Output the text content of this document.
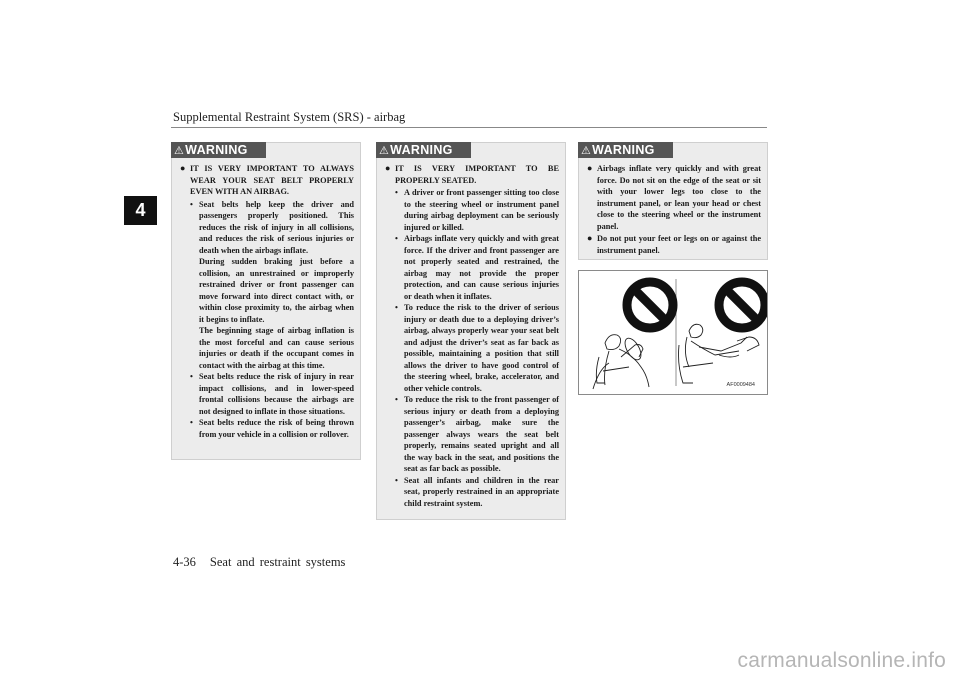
Supplemental Restraint System (SRS) - airbag
4
⚠WARNING
● IT IS VERY IMPORTANT TO ALWAYS WEAR YOUR SEAT BELT PROPERLY EVEN WITH AN AIRBAG.
• Seat belts help keep the driver and passengers properly positioned. This reduces the risk of injury in all collisions, and reduces the risk of serious injuries or death when the airbags inflate.
During sudden braking just before a collision, an unrestrained or improperly restrained driver or front passenger can move forward into direct contact with, or within close proximity to, the airbag when it begins to inflate.
The beginning stage of airbag inflation is the most forceful and can cause serious injuries or death if the occupant comes in contact with the airbag at this time.
• Seat belts reduce the risk of injury in rear impact collisions, and in lower-speed frontal collisions because the airbags are not designed to inflate in those situations.
• Seat belts reduce the risk of being thrown from your vehicle in a collision or rollover.
⚠WARNING
● IT IS VERY IMPORTANT TO BE PROPERLY SEATED.
• A driver or front passenger sitting too close to the steering wheel or instrument panel during airbag deployment can be seriously injured or killed.
• Airbags inflate very quickly and with great force. If the driver and front passenger are not properly seated and restrained, the airbag may not provide the proper protection, and can cause serious injuries or death when it inflates.
• To reduce the risk to the driver of serious injury or death due to a deploying driver’s airbag, always properly wear your seat belt and adjust the driver’s seat as far back as possible, maintaining a position that still allows the driver to have good control of the steering wheel, brake, accelerator, and other vehicle controls.
• To reduce the risk to the front passenger of serious injury or death from a deploying passenger’s airbag, make sure the passenger always wears the seat belt properly, remains seated upright and all the way back in the seat, and positions the seat as far back as possible.
• Seat all infants and children in the rear seat, properly restrained in an appropriate child restraint system.
⚠WARNING
● Airbags inflate very quickly and with great force. Do not sit on the edge of the seat or sit with your lower legs too close to the instrument panel, or lean your head or chest close to the steering wheel or the instrument panel.
● Do not put your feet or legs on or against the instrument panel.
AF0009484
4-36 Seat and restraint systems
carmanualsonline.info
